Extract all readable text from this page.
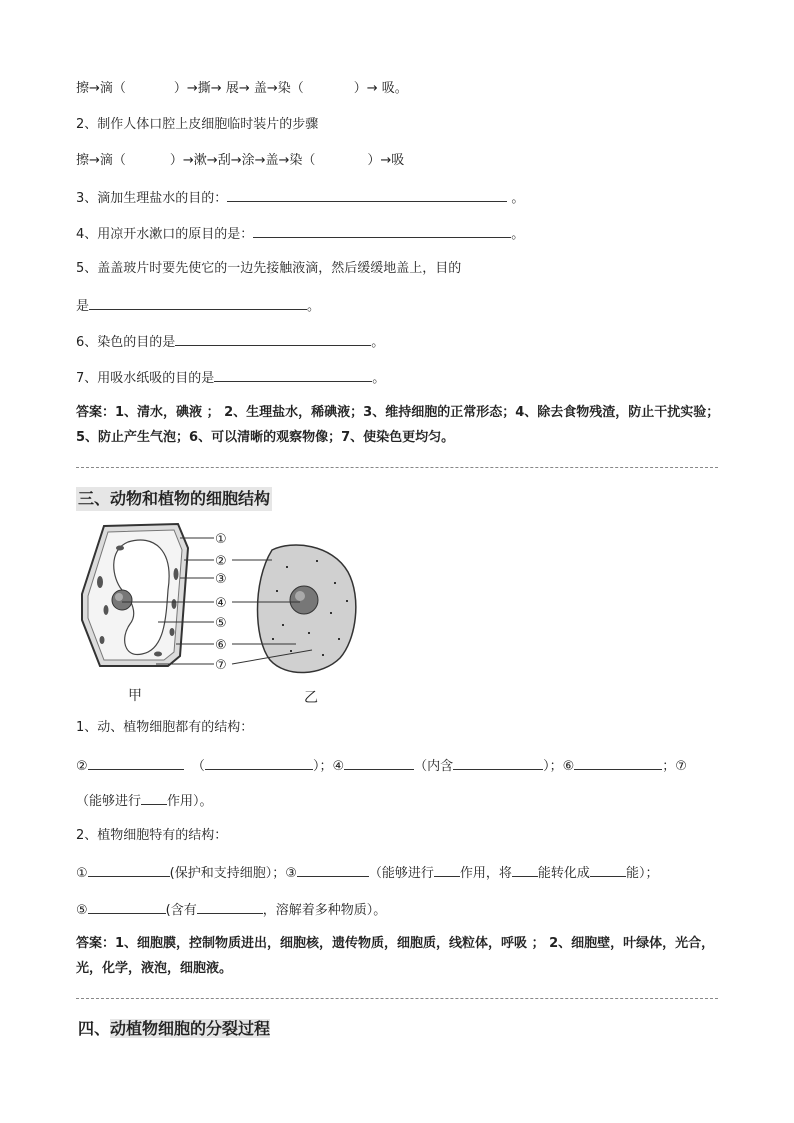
擦→滴（	）→撕→ 展→ 盖→染（	）→ 吸。
2、制作人体口腔上皮细胞临时装片的步骤
擦→滴（	）→漱→刮→涂→盖→染（	）→吸
3、滴加生理盐水的目的：	。
4、用凉开水漱口的原目的是：	。
5、盖盖玻片时要先使它的一边先接触液滴，然后缓缓地盖上，目的
是	。
6、染色的目的是	。
7、用吸水纸吸的目的是	。
答案：1、清水，碘液 ； 2、生理盐水，稀碘液；3、维持细胞的正常形态；4、除去食物残渣，防止干扰实验；5、防止产生气泡；6、可以清晰的观察物像；7、使染色更均匀。
三、动物和植物的细胞结构
①
②
③
④
⑤
⑥
⑦
甲	乙
1、动、植物细胞都有的结构：
②	（	）；④	（内含	）；⑥	；⑦
（能够进行 作用）。
2、植物细胞特有的结构：
①	(保护和支持细胞）；③	（能够进行 作用，将 能转化成	能）；
⑤	(含有	，溶解着多种物质）。
答案：1、细胞膜，控制物质进出，细胞核，遗传物质，细胞质，线粒体，呼吸 ； 2、细胞壁，叶绿体，光合，光，化学，液泡，细胞液。
四、动植物细胞的分裂过程
